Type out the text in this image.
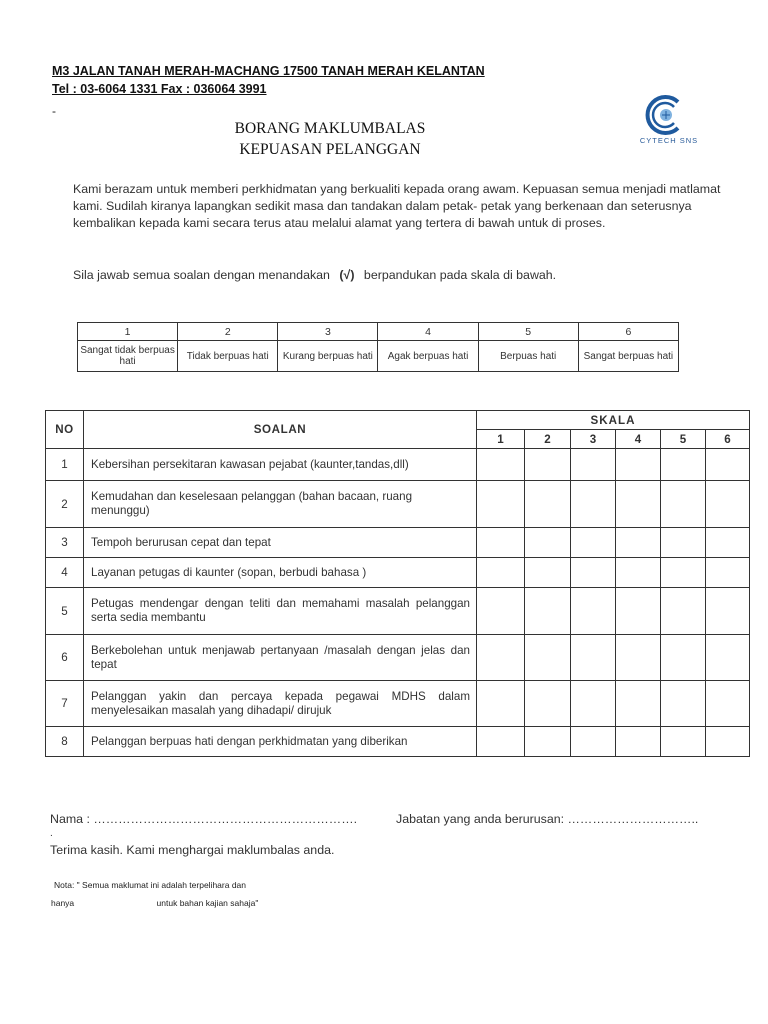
M3 JALAN TANAH MERAH-MACHANG 17500 TANAH MERAH KELANTAN
Tel : 03-6064 1331 Fax : 036064 3991
-
BORANG MAKLUMBALAS
KEPUASAN PELANGGAN
CYTECH SNS
Kami berazam untuk memberi perkhidmatan yang berkualiti kepada orang awam. Kepuasan semua menjadi matlamat kami. Sudilah kiranya lapangkan sedikit masa dan tandakan dalam petak- petak yang berkenaan dan seterusnya kembalikan kepada kami secara terus atau melalui alamat yang tertera di bawah untuk di proses.
Sila jawab semua soalan dengan menandakan (√) berpandukan pada skala di bawah.
1	2	3	4	5	6
Sangat tidak berpuas hati	Tidak berpuas hati	Kurang berpuas hati	Agak berpuas hati	Berpuas hati	Sangat berpuas hati
NO	SOALAN	SKALA					
		1	2	3	4	5	6
1	Kebersihan persekitaran kawasan pejabat (kaunter,tandas,dll)						
2	Kemudahan dan keselesaan pelanggan (bahan bacaan, ruang menunggu)						
3	Tempoh berurusan cepat dan tepat						
4	Layanan petugas di kaunter (sopan, berbudi bahasa )						
5	Petugas mendengar dengan teliti dan memahami masalah pelanggan serta sedia membantu						
6	Berkebolehan untuk menjawab pertanyaan /masalah dengan jelas dan tepat						
7	Pelanggan yakin dan percaya kepada pegawai MDHS dalam menyelesaikan masalah yang dihadapi/ dirujuk						
8	Pelanggan berpuas hati dengan perkhidmatan yang diberikan						
Nama : ……………………………………………………….	Jabatan yang anda berurusan: …………………………..
.
Terima kasih. Kami menghargai maklumbalas anda.
Nota: " Semua maklumat ini adalah terpelihara dan
hanya	untuk bahan kajian sahaja"
